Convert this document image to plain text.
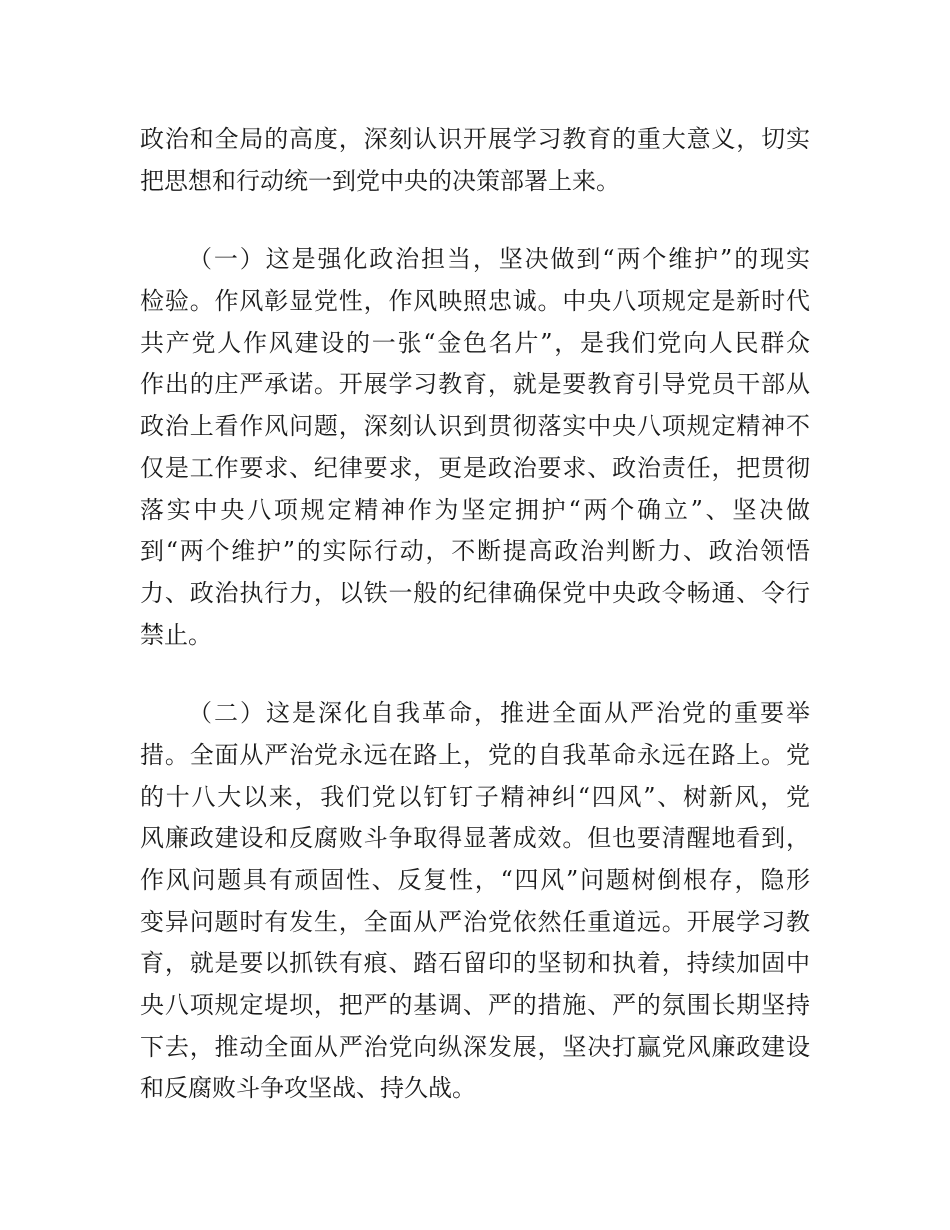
政治和全局的高度，深刻认识开展学习教育的重大意义，切实
把思想和行动统一到党中央的决策部署上来。
（一）这是强化政治担当，坚决做到“两个维护”的现实
检验。作风彰显党性，作风映照忠诚。中央八项规定是新时代
共产党人作风建设的一张“金色名片”，是我们党向人民群众
作出的庄严承诺。开展学习教育，就是要教育引导党员干部从
政治上看作风问题，深刻认识到贯彻落实中央八项规定精神不
仅是工作要求、纪律要求，更是政治要求、政治责任，把贯彻
落实中央八项规定精神作为坚定拥护“两个确立”、坚决做
到“两个维护”的实际行动，不断提高政治判断力、政治领悟
力、政治执行力，以铁一般的纪律确保党中央政令畅通、令行
禁止。
（二）这是深化自我革命，推进全面从严治党的重要举
措。全面从严治党永远在路上，党的自我革命永远在路上。党
的十八大以来，我们党以钉钉子精神纠“四风”、树新风，党
风廉政建设和反腐败斗争取得显著成效。但也要清醒地看到，
作风问题具有顽固性、反复性，“四风”问题树倒根存，隐形
变异问题时有发生，全面从严治党依然任重道远。开展学习教
育，就是要以抓铁有痕、踏石留印的坚韧和执着，持续加固中
央八项规定堤坝，把严的基调、严的措施、严的氛围长期坚持
下去，推动全面从严治党向纵深发展，坚决打赢党风廉政建设
和反腐败斗争攻坚战、持久战。
